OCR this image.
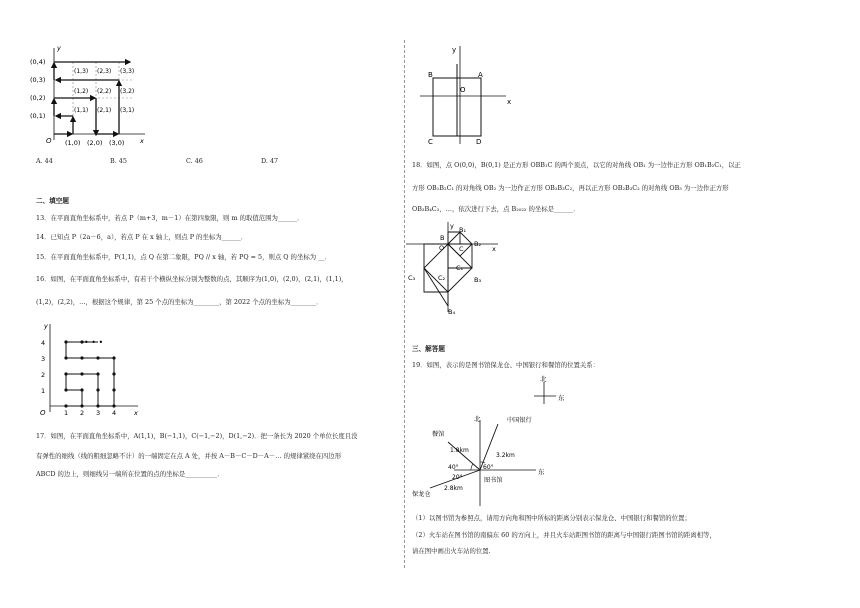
(0,4)
(0,3)
(0,2)
(0,1)
(1,3) (2,3) (3,3)
(1,2) (2,2) (3,2)
(1,1) (2,1) (3,1)
(1,0) (2,0) (3,0)
O	x
y
A. 44	B. 45	C. 46	D. 47
二、填空题
13．在平面直角坐标系中，若点 P（m+3，m－1）在第四象限，则 m 的取值范围为______．
14．已知点 P（2a－6，a），若点 P 在 x 轴上，则点 P 的坐标为______．
15．在平面直角坐标系中，P(1,1)，点 Q 在第二象限，PQ // x 轴，若 PQ = 5，则点 Q 的坐标为 __．
16．如图，在平面直角坐标系中，有若干个横纵坐标分别为整数的点，其顺序为(1,0)，(2,0)，(2,1)，(1,1)，
(1,2)，(2,2)，…，根据这个规律，第 25 个点的坐标为________，第 2022 个点的坐标为________．
• • •
1
2
3
4
1 2 3 4
O	x
y
17．如图，在平面直角坐标系中，A(1,1)，B(−1,1)，C(−1,−2)，D(1,−2)．把一条长为 2020 个单位长度且没
有弹性的细线（线的粗细忽略不计）的一端固定在点 A 处，并按 A－B－C－D－A－… 的规律紧绕在四边形
ABCD 的边上，则细线另一端所在位置的点的坐标是__________．
y
B	A
O
x
C	D
18．如图，点 O(0,0)，B(0,1) 是正方形 OBB₁C 的两个顶点，以它的对角线 OB₁ 为一边作正方形 OB₁B₂C₁，以正
方形 OB₁B₂C₁ 的对角线 OB₂ 为一边作正方形 OB₂B₃C₂，再以正方形 OB₂B₃C₂ 的对角线 OB₃ 为一边作正方形
OB₃B₄C₃，…，依次进行下去，点 B₂₀₂₂ 的坐标是______．
y B₁
B
B₂
O C	x
C₁
C₃	C₂	B₃
B₄
三、解答题
19．如图，表示的是图书馆保龙仓、中国银行和餐馆的位置关系：
北
东
北
东
中国银行
餐馆
1.8km
3.2km
2.8km
40°	60°
20°	图书馆
保龙仓
（1）以图书馆为参照点，请用方向角和图中所标的距离分别表示保龙仓、中国银行和餐馆的位置；
（2）火车站在图书馆的南偏东 60 的方向上，并且火车站距图书馆的距离与中国银行距图书馆的距离相等，
请在图中画出火车站的位置.
